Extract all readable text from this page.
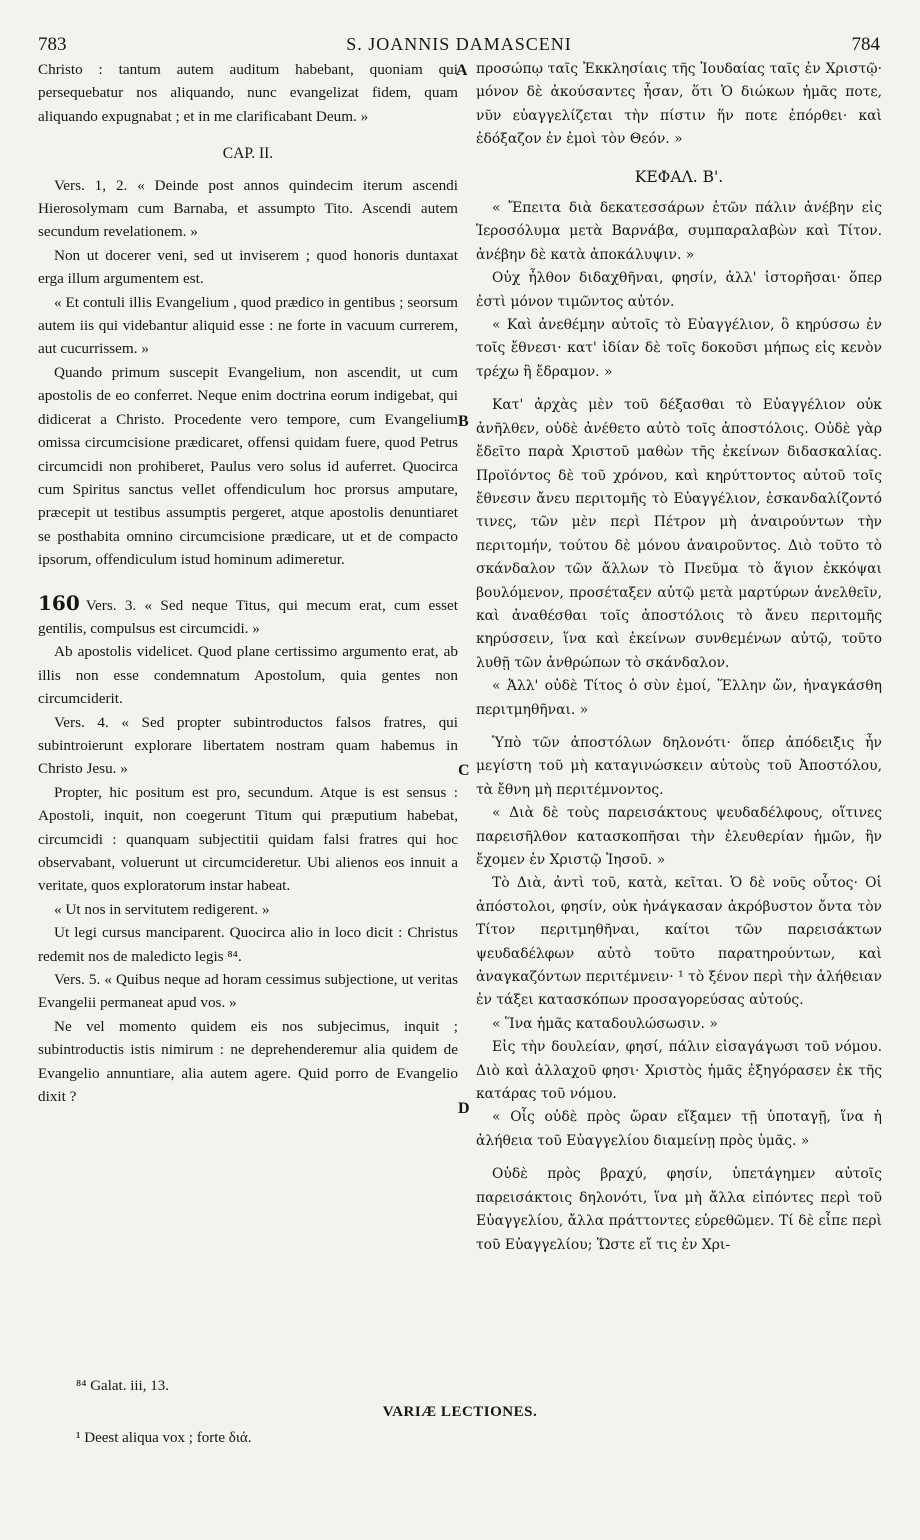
783	S. JOANNIS DAMASCENI	784

Christo : tantum autem auditum habebant, quoniam qui persequebatur nos aliquando, nunc evangelizat fidem, quam aliquando expugnabat ; et in me clarificabant Deum. »

CAP. II.

Vers. 1, 2. « Deinde post annos quindecim iterum ascendi Hierosolymam cum Barnaba, et assumpto Tito. Ascendi autem secundum revelationem. »

Non ut docerer veni, sed ut inviserem ; quod honoris duntaxat erga illum argumentem est.

« Et contuli illis Evangelium , quod prædico in gentibus ; seorsum autem iis qui videbantur aliquid esse : ne forte in vacuum currerem, aut cucurrissem. »

Quando primum suscepit Evangelium, non ascendit, ut cum apostolis de eo conferret. Neque enim doctrina eorum indigebat, qui didicerat a Christo. Procedente vero tempore, cum Evangelium omissa circumcisione prædicaret, offensi quidam fuere, quod Petrus circumcidi non prohiberet, Paulus vero solus id auferret. Quocirca cum Spiritus sanctus vellet offendiculum hoc prorsus amputare, præcepit ut testibus assumptis pergeret, atque apostolis denuntiaret se posthabita omnino circumcisione prædicare, ut et de compacto ipsorum, offendiculum istud hominum adimeretur.

160 Vers. 3. « Sed neque Titus, qui mecum erat, cum esset gentilis, compulsus est circumcidi. »

Ab apostolis videlicet. Quod plane certissimo argumento erat, ab illis non esse condemnatum Apostolum, quia gentes non circumciderit.

Vers. 4. « Sed propter subintroductos falsos fratres, qui subintroierunt explorare libertatem nostram quam habemus in Christo Jesu. »

Propter, hic positum est pro, secundum. Atque is est sensus : Apostoli, inquit, non coegerunt Titum qui præputium habebat, circumcidi : quanquam subjectitii quidam falsi fratres qui hoc observabant, voluerunt ut circumcideretur. Ubi alienos eos innuit a veritate, quos exploratorum instar habeat.

« Ut nos in servitutem redigerent. »

Ut legi cursus manciparent. Quocirca alio in loco dicit : Christus redemit nos de maledicto legis ⁸⁴.

Vers. 5. « Quibus neque ad horam cessimus subjectione, ut veritas Evangelii permaneat apud vos. »

Ne vel momento quidem eis nos subjecimus, inquit ; subintroductis istis nimirum : ne deprehenderemur alia quidem de Evangelio annuntiare, alia autem agere. Quid porro de Evangelio dixit ?

προσώπῳ ταῖς Ἐκκλησίαις τῆς Ἰουδαίας ταῖς ἐν Χριστῷ· μόνον δὲ ἀκούσαντες ἦσαν, ὅτι Ὁ διώκων ἡμᾶς ποτε, νῦν εὐαγγελίζεται τὴν πίστιν ἥν ποτε ἐπόρθει· καὶ ἐδόξαζον ἐν ἐμοὶ τὸν Θεόν. »

ΚΕΦΑΛ. Β'.

« Ἔπειτα διὰ δεκατεσσάρων ἐτῶν πάλιν ἀνέβην εἰς Ἱεροσόλυμα μετὰ Βαρνάβα, συμπαραλαβὼν καὶ Τίτον. ἀνέβην δὲ κατὰ ἀποκάλυψιν. »

Οὐχ ἦλθον διδαχθῆναι, φησίν, ἀλλ' ἱστορῆσαι· ὅπερ ἐστὶ μόνον τιμῶντος αὐτόν.

« Καὶ ἀνεθέμην αὐτοῖς τὸ Εὐαγγέλιον, ὃ κηρύσσω ἐν τοῖς ἔθνεσι· κατ' ἰδίαν δὲ τοῖς δοκοῦσι μήπως εἰς κενὸν τρέχω ἢ ἔδραμον. »

Κατ' ἀρχὰς μὲν τοῦ δέξασθαι τὸ Εὐαγγέλιον οὐκ ἀνῆλθεν, οὐδὲ ἀνέθετο αὐτὸ τοῖς ἀποστόλοις. Οὐδὲ γὰρ ἔδεῖτο παρὰ Χριστοῦ μαθὼν τῆς ἐκείνων διδασκαλίας. Προϊόντος δὲ τοῦ χρόνου, καὶ κηρύττοντος αὐτοῦ τοῖς ἔθνεσιν ἄνευ περιτομῆς τὸ Εὐαγγέλιον, ἐσκανδαλίζοντό τινες, τῶν μὲν περὶ Πέτρον μὴ ἀναιρούντων τὴν περιτομήν, τούτου δὲ μόνου ἀναιροῦντος. Διὸ τοῦτο τὸ σκάνδαλον τῶν ἄλλων τὸ Πνεῦμα τὸ ἅγιον ἐκκόψαι βουλόμενον, προσέταξεν αὐτῷ μετὰ μαρτύρων ἀνελθεῖν, καὶ ἀναθέσθαι τοῖς ἀποστόλοις τὸ ἄνευ περιτομῆς κηρύσσειν, ἵνα καὶ ἐκείνων συνθεμένων αὐτῷ, τοῦτο λυθῇ τῶν ἀνθρώπων τὸ σκάνδαλον.

« Ἀλλ' οὐδὲ Τίτος ὁ σὺν ἐμοί, Ἕλλην ὤν, ἠναγκάσθη περιτμηθῆναι. »

Ὑπὸ τῶν ἀποστόλων δηλονότι· ὅπερ ἀπόδειξις ἦν μεγίστη τοῦ μὴ καταγινώσκειν αὐτοὺς τοῦ Ἀποστόλου, τὰ ἔθνη μὴ περιτέμνοντος.

« Διὰ δὲ τοὺς παρεισάκτους ψευδαδέλφους, οἵτινες παρεισῆλθον κατασκοπῆσαι τὴν ἐλευθερίαν ἡμῶν, ἣν ἔχομεν ἐν Χριστῷ Ἰησοῦ. »

Τὸ Διὰ, ἀντὶ τοῦ, κατὰ, κεῖται. Ὁ δὲ νοῦς οὗτος· Οἱ ἀπόστολοι, φησίν, οὐκ ἠνάγκασαν ἀκρόβυστον ὄντα τὸν Τίτον περιτμηθῆναι, καίτοι τῶν παρεισάκτων ψευδαδέλφων αὐτὸ τοῦτο παρατηρούντων, καὶ ἀναγκαζόντων περιτέμνειν· ¹ τὸ ξένον περὶ τὴν ἀλήθειαν ἐν τάξει κατασκόπων προσαγορεύσας αὐτούς.

« Ἵνα ἡμᾶς καταδουλώσωσιν. »

Εἰς τὴν δουλείαν, φησί, πάλιν εἰσαγάγωσι τοῦ νόμου. Διὸ καὶ ἀλλαχοῦ φησι· Χριστὸς ἡμᾶς ἐξηγόρασεν ἐκ τῆς κατάρας τοῦ νόμου.

« Οἷς οὐδὲ πρὸς ὥραν εἴξαμεν τῇ ὑποταγῇ, ἵνα ἡ ἀλήθεια τοῦ Εὐαγγελίου διαμείνῃ πρὸς ὑμᾶς. »

Οὐδὲ πρὸς βραχύ, φησίν, ὑπετάγημεν αὐτοῖς παρεισάκτοις δηλονότι, ἵνα μὴ ἄλλα εἰπόντες περὶ τοῦ Εὐαγγελίου, ἄλλα πράττοντες εὑρεθῶμεν. Τί δὲ εἶπε περὶ τοῦ Εὐαγγελίου; Ὥστε εἴ τις ἐν Χρι-

A
B
C
D
⁸⁴ Galat. iii, 13.
VARIÆ LECTIONES.
¹ Deest aliqua vox ; forte διά.
